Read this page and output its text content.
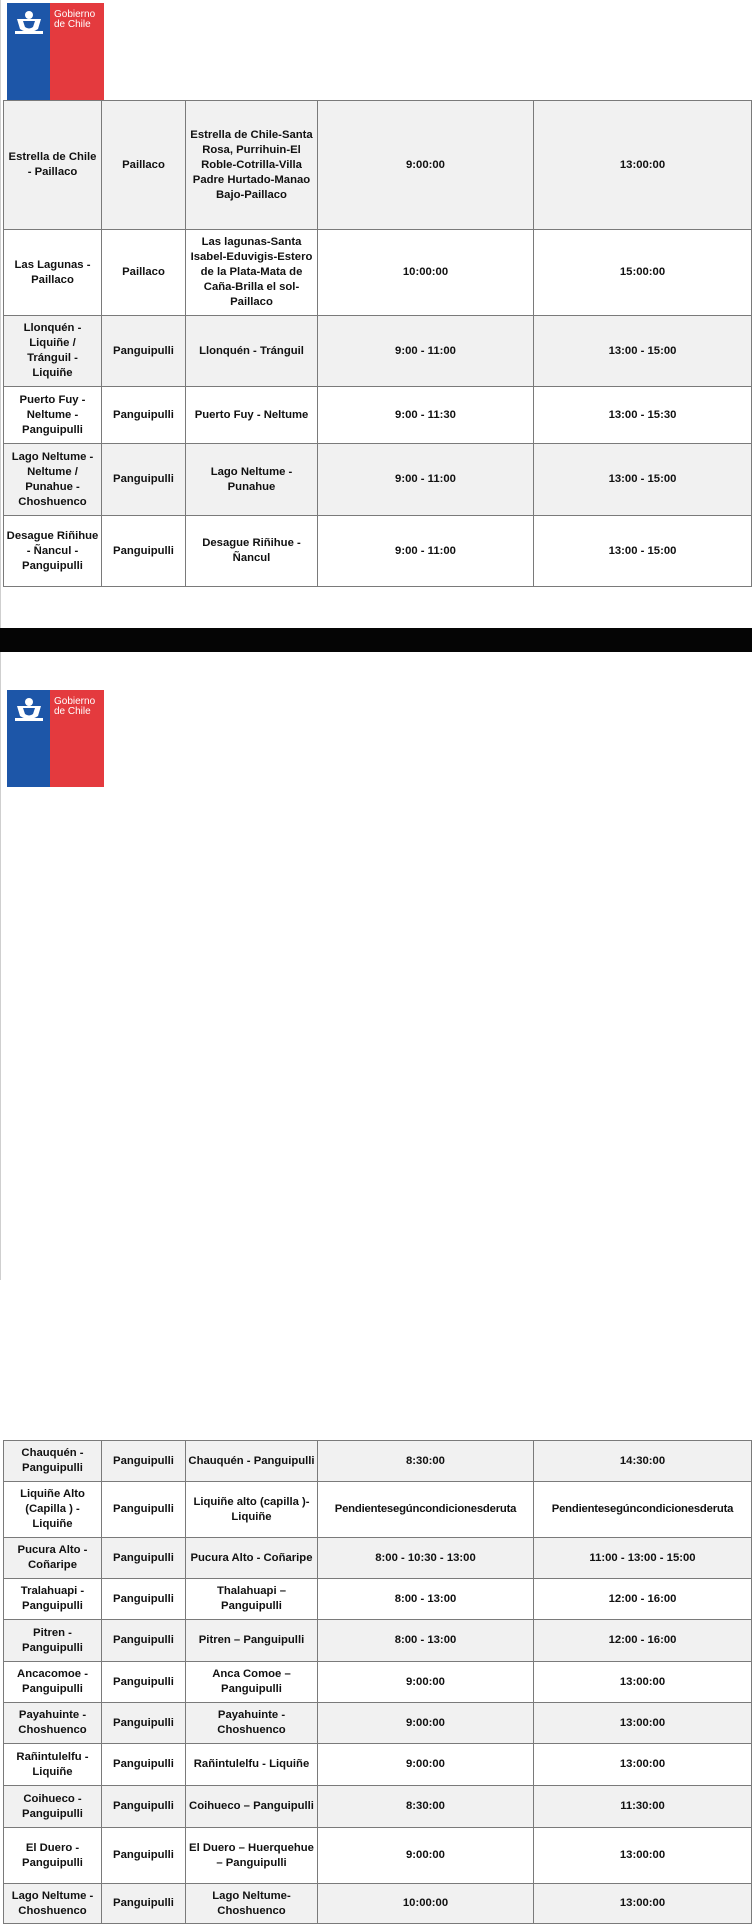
Gobierno
de Chile
Estrella de Chile - Paillaco	Paillaco	Estrella de Chile-Santa Rosa, Purrihuin-El Roble-Cotrilla-Villa Padre Hurtado-Manao Bajo-Paillaco	9:00:00	13:00:00
Las Lagunas - Paillaco	Paillaco	Las lagunas-Santa Isabel-Eduvigis-Estero de la Plata-Mata de Caña-Brilla el sol-Paillaco	10:00:00	15:00:00
Llonquén - Liquiñe / Tránguil - Liquiñe	Panguipulli	Llonquén - Tránguil	9:00 - 11:00	13:00 - 15:00
Puerto Fuy - Neltume - Panguipulli	Panguipulli	Puerto Fuy - Neltume	9:00 - 11:30	13:00 - 15:30
Lago Neltume - Neltume / Punahue - Choshuenco	Panguipulli	Lago Neltume - Punahue	9:00 - 11:00	13:00 - 15:00
Desague Riñihue - Ñancul - Panguipulli	Panguipulli	Desague Riñihue - Ñancul	9:00 - 11:00	13:00 - 15:00
Gobierno
de Chile
Chauquén - Panguipulli	Panguipulli	Chauquén - Panguipulli	8:30:00	14:30:00
Liquiñe Alto (Capilla ) - Liquiñe	Panguipulli	Liquiñe alto (capilla )-Liquiñe	Pendientesegúncondicionesderuta	Pendientesegúncondicionesderuta
Pucura Alto - Coñaripe	Panguipulli	Pucura Alto - Coñaripe	8:00 - 10:30 - 13:00	11:00 - 13:00 - 15:00
Tralahuapi - Panguipulli	Panguipulli	Thalahuapi – Panguipulli	8:00 - 13:00	12:00 - 16:00
Pitren - Panguipulli	Panguipulli	Pitren – Panguipulli	8:00 - 13:00	12:00 - 16:00
Ancacomoe - Panguipulli	Panguipulli	Anca Comoe – Panguipulli	9:00:00	13:00:00
Payahuinte - Choshuenco	Panguipulli	Payahuinte - Choshuenco	9:00:00	13:00:00
Rañintulelfu - Liquiñe	Panguipulli	Rañintulelfu - Liquiñe	9:00:00	13:00:00
Coihueco - Panguipulli	Panguipulli	Coihueco – Panguipulli	8:30:00	11:30:00
El Duero - Panguipulli	Panguipulli	El Duero – Huerquehue – Panguipulli	9:00:00	13:00:00
Lago Neltume - Choshuenco	Panguipulli	Lago Neltume- Choshuenco	10:00:00	13:00:00
